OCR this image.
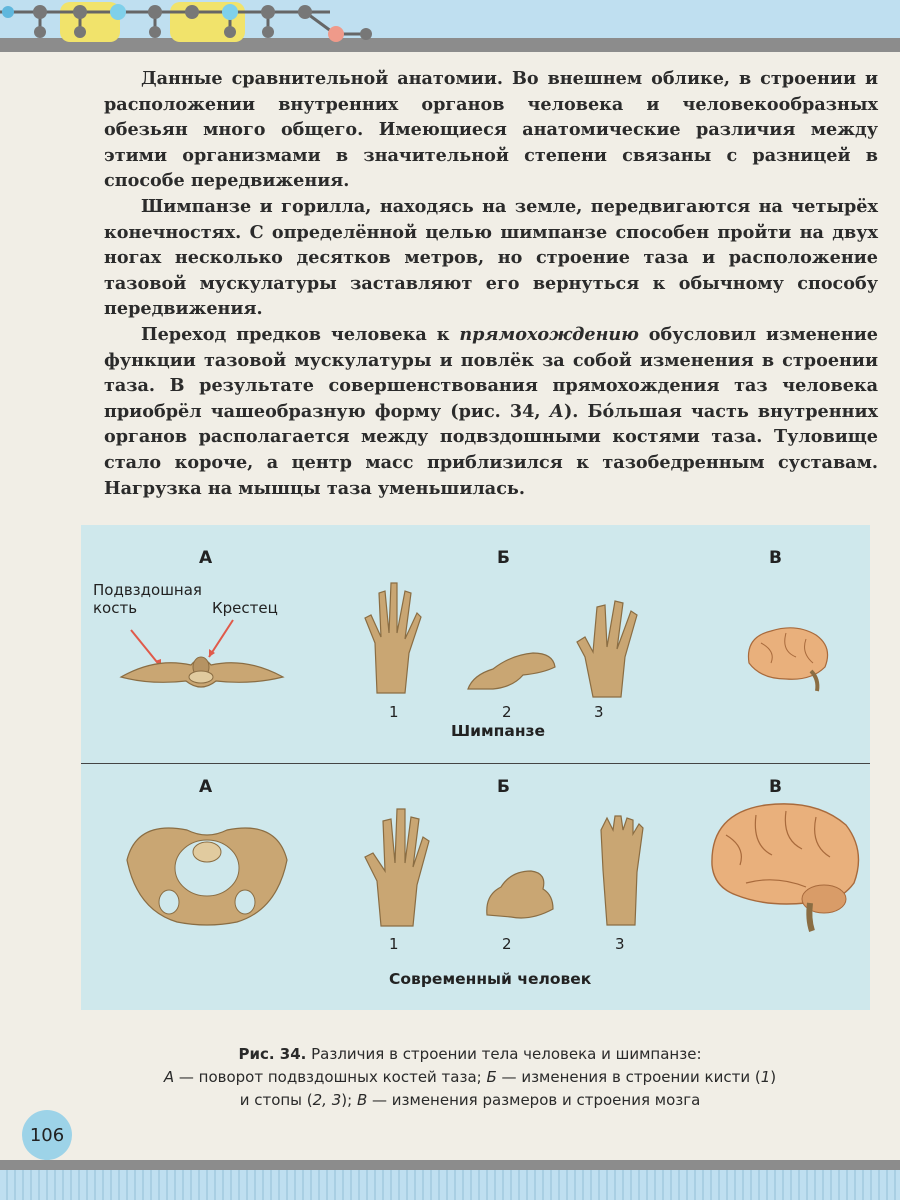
Данные сравнительной анатомии. Во внешнем облике, в строении и расположении внутренних органов человека и человекообразных обезьян много общего. Имеющиеся анатомические различия между этими организмами в значительной степени связаны с разницей в способе передвижения.

Шимпанзе и горилла, находясь на земле, передвигаются на четырёх конечностях. С определённой целью шимпанзе способен пройти на двух ногах несколько десятков метров, но строение таза и расположение тазовой мускулатуры заставляют его вернуться к обычному способу передвижения.

Переход предков человека к прямохождению обусловил изменение функции тазовой мускулатуры и повлёк за собой изменения в строении таза. В результате совершенствования прямохождения таз человека приобрёл чашеобразную форму (рис. 34, А). Бóльшая часть внутренних органов располагается между подвздошными костями таза. Туловище стало короче, а центр масс приблизился к тазобедренным суставам. Нагрузка на мышцы таза уменьшилась.

А	Б	В
Подвздошная
кость	Крестец
1	2	3
Шимпанзе
А	Б	В
1	2	3
Современный человек
Рис. 34. Различия в строении тела человека и шимпанзе:
А — поворот подвздошных костей таза; Б — изменения в строении кисти (1)
и стопы (2, 3); В — изменения размеров и строения мозга
106
